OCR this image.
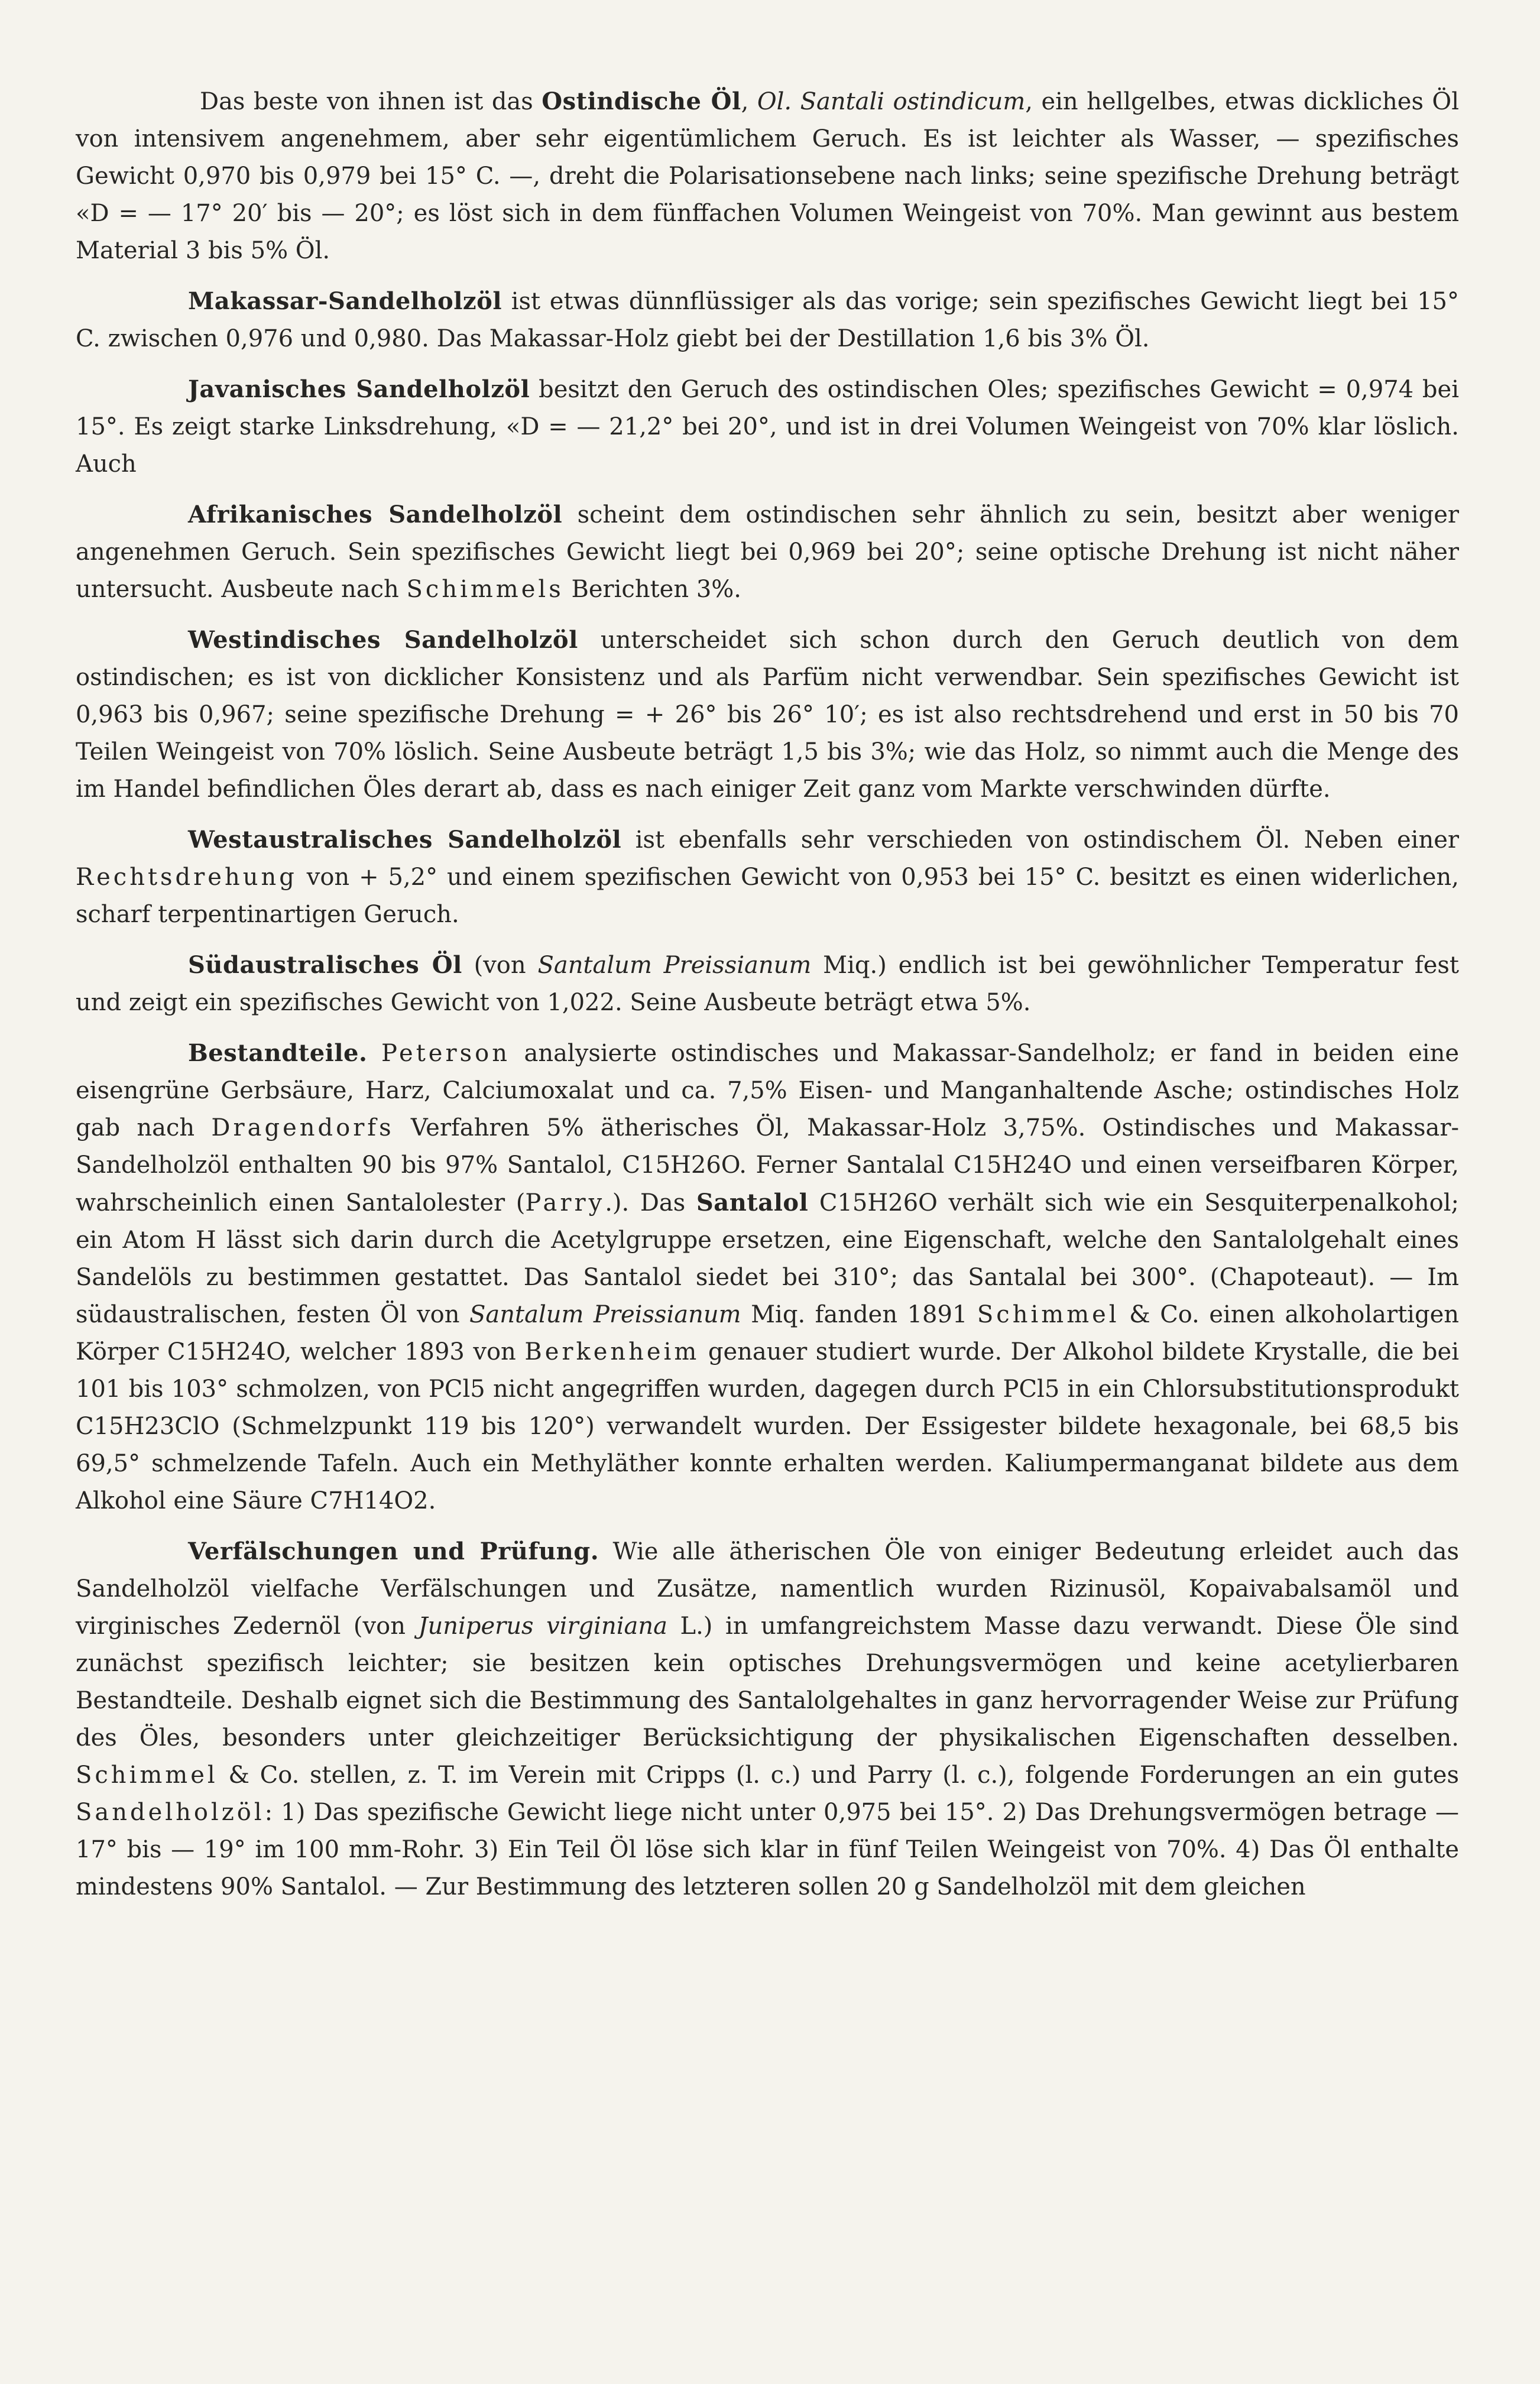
Das beste von ihnen ist das Ostindische Öl, Ol. Santali ostindicum, ein hellgelbes, etwas dickliches Öl von intensivem angenehmem, aber sehr eigentümlichem Geruch. Es ist leichter als Wasser, — spezifisches Gewicht 0,970 bis 0,979 bei 15° C. —, dreht die Polarisationsebene nach links; seine spezifische Drehung beträgt «D = — 17° 20′ bis — 20°; es löst sich in dem fünffachen Volumen Weingeist von 70%. Man gewinnt aus bestem Material 3 bis 5% Öl.

Makassar-Sandelholzöl ist etwas dünnflüssiger als das vorige; sein spezifisches Gewicht liegt bei 15° C. zwischen 0,976 und 0,980. Das Makassar-Holz giebt bei der Destillation 1,6 bis 3% Öl.

Javanisches Sandelholzöl besitzt den Geruch des ostindischen Oles; spezifisches Gewicht = 0,974 bei 15°. Es zeigt starke Linksdrehung, «D = — 21,2° bei 20°, und ist in drei Volumen Weingeist von 70% klar löslich. Auch

Afrikanisches Sandelholzöl scheint dem ostindischen sehr ähnlich zu sein, besitzt aber weniger angenehmen Geruch. Sein spezifisches Gewicht liegt bei 0,969 bei 20°; seine optische Drehung ist nicht näher untersucht. Ausbeute nach Schimmels Berichten 3%.

Westindisches Sandelholzöl unterscheidet sich schon durch den Geruch deutlich von dem ostindischen; es ist von dicklicher Konsistenz und als Parfüm nicht verwendbar. Sein spezifisches Gewicht ist 0,963 bis 0,967; seine spezifische Drehung = + 26° bis 26° 10′; es ist also rechtsdrehend und erst in 50 bis 70 Teilen Weingeist von 70% löslich. Seine Ausbeute beträgt 1,5 bis 3%; wie das Holz, so nimmt auch die Menge des im Handel befindlichen Öles derart ab, dass es nach einiger Zeit ganz vom Markte verschwinden dürfte.

Westaustralisches Sandelholzöl ist ebenfalls sehr verschieden von ostindischem Öl. Neben einer Rechtsdrehung von + 5,2° und einem spezifischen Gewicht von 0,953 bei 15° C. besitzt es einen widerlichen, scharf terpentinartigen Geruch.

Südaustralisches Öl (von Santalum Preissianum Miq.) endlich ist bei gewöhnlicher Temperatur fest und zeigt ein spezifisches Gewicht von 1,022. Seine Ausbeute beträgt etwa 5%.

Bestandteile. Peterson analysierte ostindisches und Makassar-Sandelholz; er fand in beiden eine eisengrüne Gerbsäure, Harz, Calciumoxalat und ca. 7,5% Eisen- und Manganhaltende Asche; ostindisches Holz gab nach Dragendorfs Verfahren 5% ätherisches Öl, Makassar-Holz 3,75%. Ostindisches und Makassar-Sandelholzöl enthalten 90 bis 97% Santalol, C15H26O. Ferner Santalal C15H24O und einen verseifbaren Körper, wahrscheinlich einen Santalolester (Parry.). Das Santalol C15H26O verhält sich wie ein Sesquiterpenalkohol; ein Atom H lässt sich darin durch die Acetylgruppe ersetzen, eine Eigenschaft, welche den Santalolgehalt eines Sandelöls zu bestimmen gestattet. Das Santalol siedet bei 310°; das Santalal bei 300°. (Chapoteaut). — Im südaustralischen, festen Öl von Santalum Preissianum Miq. fanden 1891 Schimmel & Co. einen alkoholartigen Körper C15H24O, welcher 1893 von Berkenheim genauer studiert wurde. Der Alkohol bildete Krystalle, die bei 101 bis 103° schmolzen, von PCl5 nicht angegriffen wurden, dagegen durch PCl5 in ein Chlorsubstitutionsprodukt C15H23ClO (Schmelzpunkt 119 bis 120°) verwandelt wurden. Der Essigester bildete hexagonale, bei 68,5 bis 69,5° schmelzende Tafeln. Auch ein Methyläther konnte erhalten werden. Kaliumpermanganat bildete aus dem Alkohol eine Säure C7H14O2.

Verfälschungen und Prüfung. Wie alle ätherischen Öle von einiger Bedeutung erleidet auch das Sandelholzöl vielfache Verfälschungen und Zusätze, namentlich wurden Rizinusöl, Kopaivabalsamöl und virginisches Zedernöl (von Juniperus virginiana L.) in umfangreichstem Masse dazu verwandt. Diese Öle sind zunächst spezifisch leichter; sie besitzen kein optisches Drehungsvermögen und keine acetylierbaren Bestandteile. Deshalb eignet sich die Bestimmung des Santalolgehaltes in ganz hervorragender Weise zur Prüfung des Öles, besonders unter gleichzeitiger Berücksichtigung der physikalischen Eigenschaften desselben. Schimmel & Co. stellen, z. T. im Verein mit Cripps (l. c.) und Parry (l. c.), folgende Forderungen an ein gutes Sandelholzöl: 1) Das spezifische Gewicht liege nicht unter 0,975 bei 15°. 2) Das Drehungsvermögen betrage — 17° bis — 19° im 100 mm-Rohr. 3) Ein Teil Öl löse sich klar in fünf Teilen Weingeist von 70%. 4) Das Öl enthalte mindestens 90% Santalol. — Zur Bestimmung des letzteren sollen 20 g Sandelholzöl mit dem gleichen
